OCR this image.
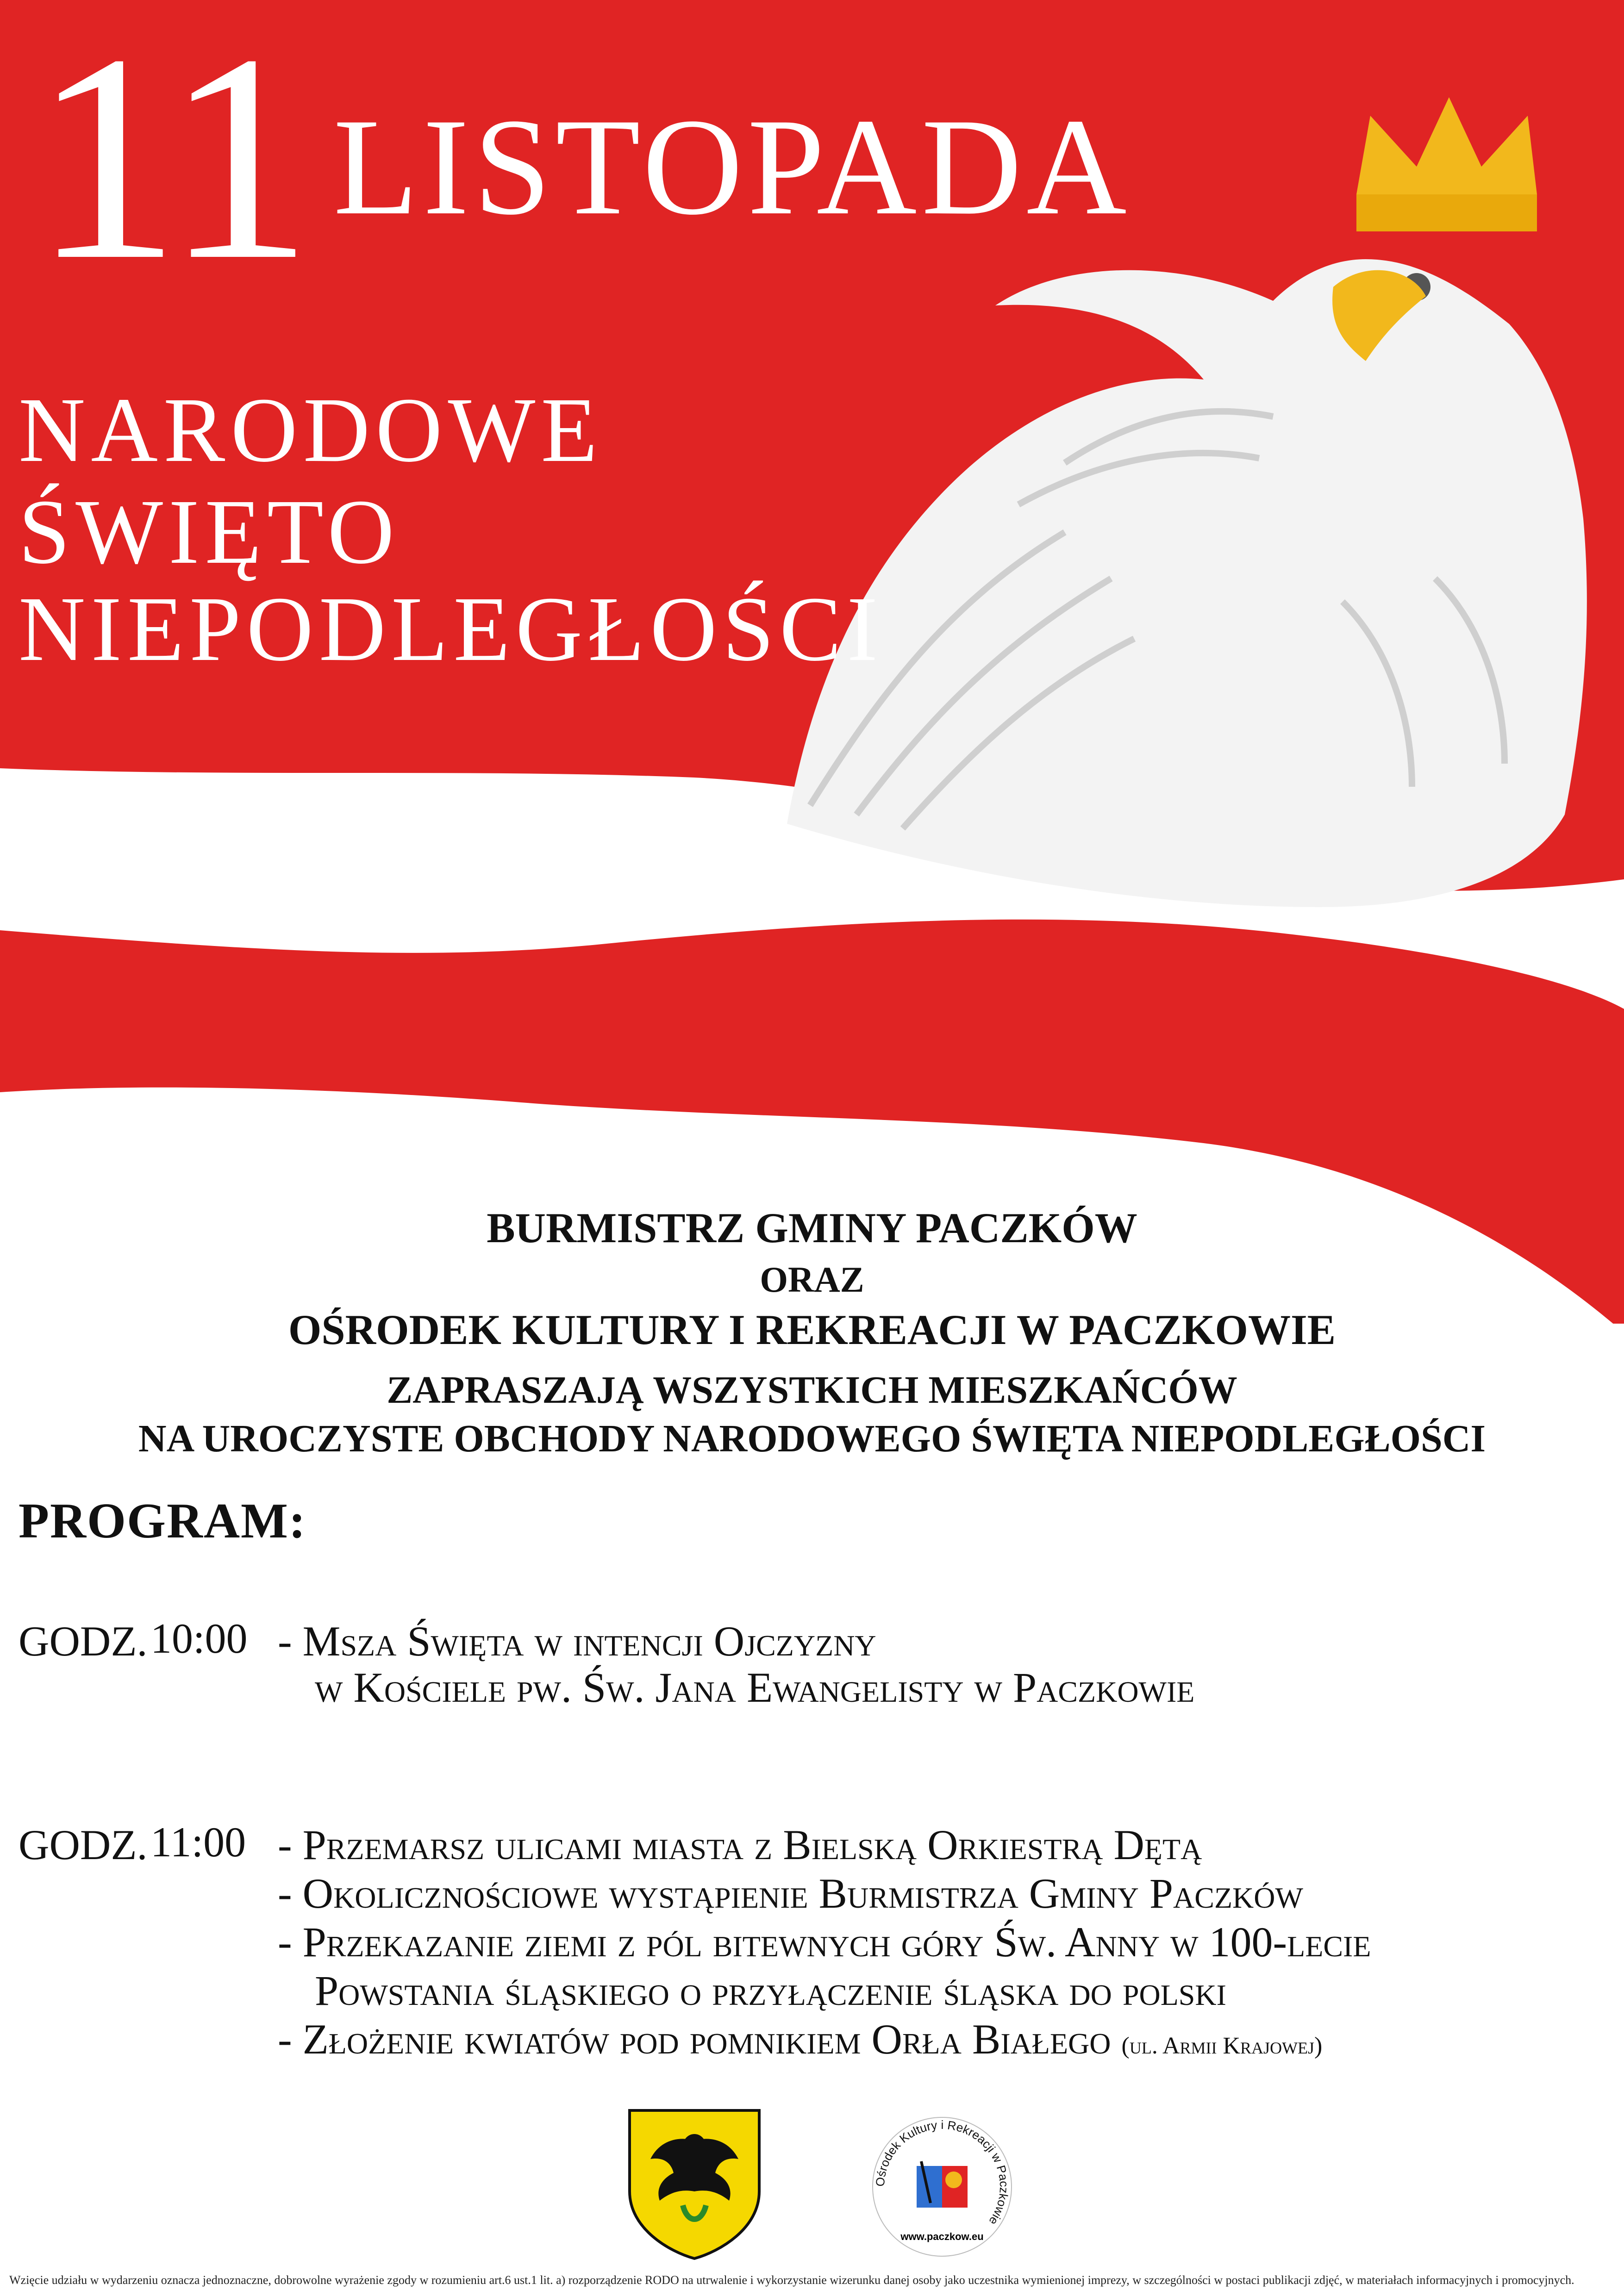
11 LISTOPADA
NARODOWE
ŚWIĘTO
NIEPODLEGŁOŚCI
BURMISTRZ GMINY PACZKÓW
ORAZ
OŚRODEK KULTURY I REKREACJI W PACZKOWIE
ZAPRASZAJĄ WSZYSTKICH MIESZKAŃCÓW
NA UROCZYSTE OBCHODY NARODOWEGO ŚWIĘTA NIEPODLEGŁOŚCI
PROGRAM:
GODZ. 10:00 - Msza Święta w intencji Ojczyzny
w Kościele pw. Św. Jana Ewangelisty w Paczkowie
GODZ. 11:00 - Przemarsz ulicami miasta z Bielską Orkiestrą Dętą
- Okolicznościowe wystąpienie Burmistrza Gminy Paczków
- Przekazanie ziemi z pól bitewnych góry Św. Anny w 100-lecie
Powstania śląskiego o przyłączenie śląska do polski
- Złożenie kwiatów pod pomnikiem Orła Białego (ul. Armii Krajowej)
Ośrodek Kultury i Rekreacji w Paczkowie
www.paczkow.eu
Wzięcie udziału w wydarzeniu oznacza jednoznaczne, dobrowolne wyrażenie zgody w rozumieniu art.6 ust.1 lit. a) rozporządzenie RODO na utrwalenie i wykorzystanie wizerunku danej osoby jako uczestnika wymienionej imprezy, w szczególności w postaci publikacji zdjęć, w materiałach informacyjnych i promocyjnych.
